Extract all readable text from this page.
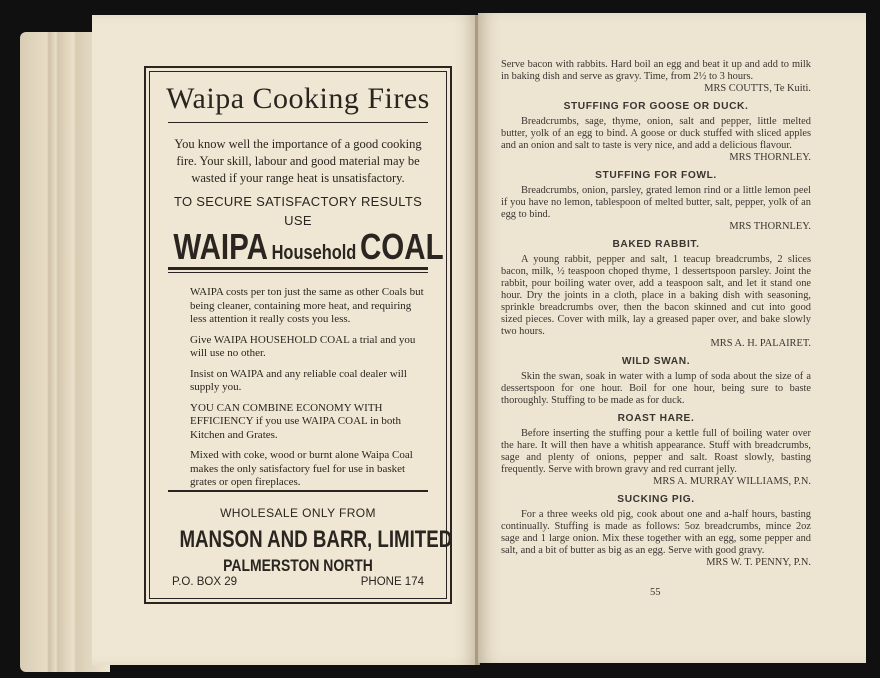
Waipa Cooking Fires
You know well the importance of a good cooking fire. Your skill, labour and good material may be wasted if your range heat is unsatisfactory.
TO SECURE SATISFACTORY RESULTS
USE
WAIPA Household COAL

WAIPA costs per ton just the same as other Coals but being cleaner, containing more heat, and requiring less attention it really costs you less.

Give WAIPA HOUSEHOLD COAL a trial and you will use no other.

Insist on WAIPA and any reliable coal dealer will supply you.

YOU CAN COMBINE ECONOMY WITH EFFICIENCY if you use WAIPA COAL in both Kitchen and Grates.

Mixed with coke, wood or burnt alone Waipa Coal makes the only satisfactory fuel for use in basket grates or open fireplaces.

WHOLESALE ONLY FROM
MANSON AND BARR, LIMITED
PALMERSTON NORTH
P.O. BOX 29	PHONE 174

Serve bacon with rabbits. Hard boil an egg and beat it up and add to milk in baking dish and serve as gravy. Time, from 2½ to 3 hours.

MRS COUTTS, Te Kuiti.

STUFFING FOR GOOSE OR DUCK.

Breadcrumbs, sage, thyme, onion, salt and pepper, little melted butter, yolk of an egg to bind. A goose or duck stuffed with sliced apples and an onion and salt to taste is very nice, and add a delicious flavour.

MRS THORNLEY.

STUFFING FOR FOWL.

Breadcrumbs, onion, parsley, grated lemon rind or a little lemon peel if you have no lemon, tablespoon of melted butter, salt, pepper, yolk of an egg to bind.

MRS THORNLEY.

BAKED RABBIT.

A young rabbit, pepper and salt, 1 teacup breadcrumbs, 2 slices bacon, milk, ½ teaspoon choped thyme, 1 dessertspoon parsley. Joint the rabbit, pour boiling water over, add a teaspoon salt, and let it stand one hour. Dry the joints in a cloth, place in a baking dish with seasoning, sprinkle breadcrumbs over, then the bacon skinned and cut into good sized pieces. Cover with milk, lay a greased paper over, and bake slowly two hours.

MRS A. H. PALAIRET.

WILD SWAN.

Skin the swan, soak in water with a lump of soda about the size of a dessertspoon for one hour. Boil for one hour, being sure to baste thoroughly. Stuffing to be made as for duck.

ROAST HARE.

Before inserting the stuffing pour a kettle full of boiling water over the hare. It will then have a whitish appearance. Stuff with breadcrumbs, sage and plenty of onions, pepper and salt. Roast slowly, basting frequently. Serve with brown gravy and red currant jelly.

MRS A. MURRAY WILLIAMS, P.N.

SUCKING PIG.

For a three weeks old pig, cook about one and a-half hours, basting continually. Stuffing is made as follows: 5oz breadcrumbs, mince 2oz sage and 1 large onion. Mix these together with an egg, some pepper and salt, and a bit of butter as big as an egg. Serve with good gravy.

MRS W. T. PENNY, P.N.

55
